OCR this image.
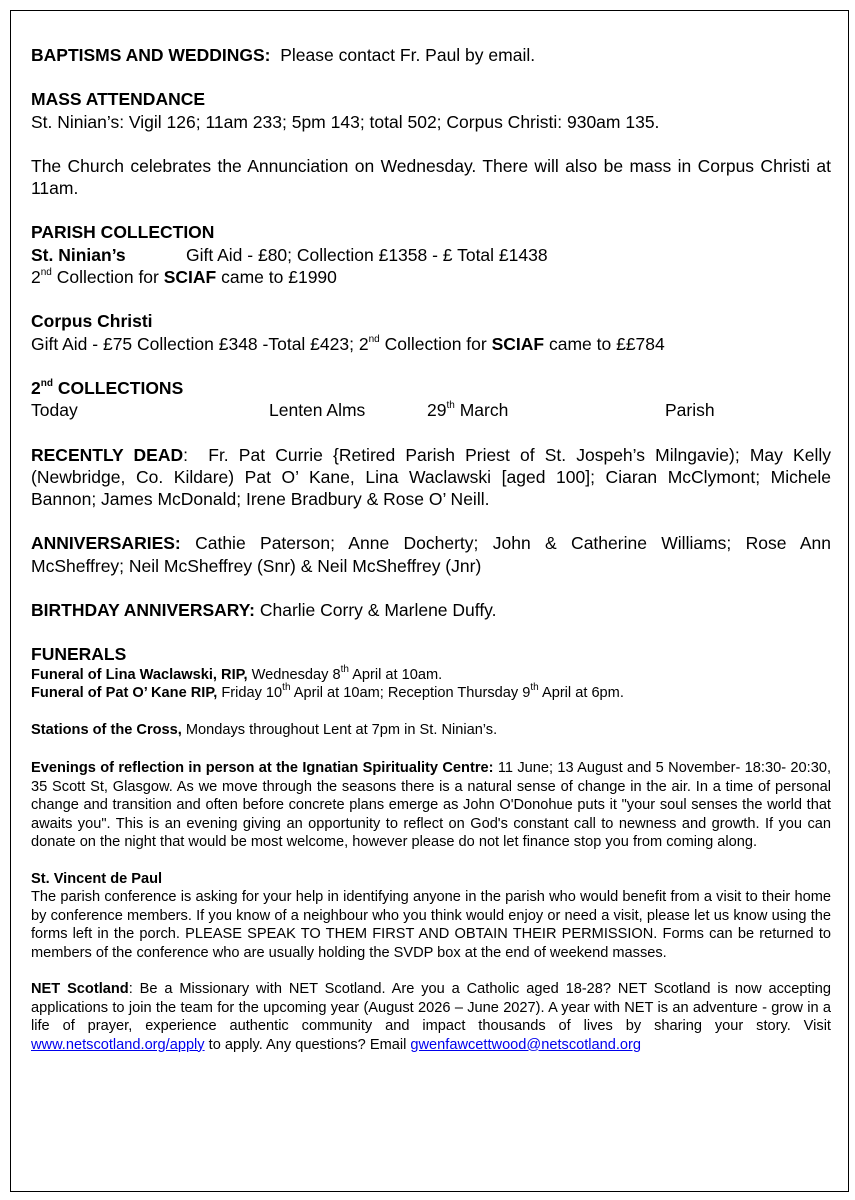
BAPTISMS AND WEDDINGS: Please contact Fr. Paul by email.

MASS ATTENDANCE

St. Ninian’s: Vigil 126; 11am 233; 5pm 143; total 502; Corpus Christi: 930am 135.

The Church celebrates the Annunciation on Wednesday. There will also be mass in Corpus Christi at 11am.

PARISH COLLECTION

St. Ninian’s	Gift Aid - £80; Collection £1358 - £ Total £1438

2nd Collection for SCIAF came to £1990

Corpus Christi

Gift Aid - £75 Collection £348 -Total £423; 2nd Collection for SCIAF came to ££784

2nd COLLECTIONS

Today	Lenten Alms	29th March	Parish

RECENTLY DEAD:  Fr. Pat Currie {Retired Parish Priest of St. Jospeh’s Milngavie); May Kelly (Newbridge, Co. Kildare) Pat O’ Kane, Lina Waclawski [aged 100]; Ciaran McClymont; Michele Bannon; James McDonald; Irene Bradbury & Rose O’ Neill.

ANNIVERSARIES: Cathie Paterson; Anne Docherty; John & Catherine Williams; Rose Ann McSheffrey; Neil McSheffrey (Snr) & Neil McSheffrey (Jnr)

BIRTHDAY ANNIVERSARY: Charlie Corry & Marlene Duffy.

FUNERALS

Funeral of Lina Waclawski, RIP, Wednesday 8th April at 10am.

Funeral of Pat O’ Kane RIP, Friday 10th April at 10am; Reception Thursday 9th April at 6pm.

Stations of the Cross, Mondays throughout Lent at 7pm in St. Ninian’s.

Evenings of reflection in person at the Ignatian Spirituality Centre: 11 June; 13 August and 5 November- 18:30- 20:30, 35 Scott St, Glasgow. As we move through the seasons there is a natural sense of change in the air. In a time of personal change and transition and often before concrete plans emerge as John O'Donohue puts it "your soul senses the world that awaits you". This is an evening giving an opportunity to reflect on God's constant call to newness and growth. If you can donate on the night that would be most welcome, however please do not let finance stop you from coming along.

St. Vincent de Paul

The parish conference is asking for your help in identifying anyone in the parish who would benefit from a visit to their home by conference members. If you know of a neighbour who you think would enjoy or need a visit, please let us know using the forms left in the porch. PLEASE SPEAK TO THEM FIRST AND OBTAIN THEIR PERMISSION. Forms can be returned to members of the conference who are usually holding the SVDP box at the end of weekend masses.

NET Scotland: Be a Missionary with NET Scotland. Are you a Catholic aged 18-28? NET Scotland is now accepting applications to join the team for the upcoming year (August 2026 – June 2027). A year with NET is an adventure - grow in a life of prayer, experience authentic community and impact thousands of lives by sharing your story. Visit www.netscotland.org/apply to apply. Any questions? Email gwenfawcettwood@netscotland.org
